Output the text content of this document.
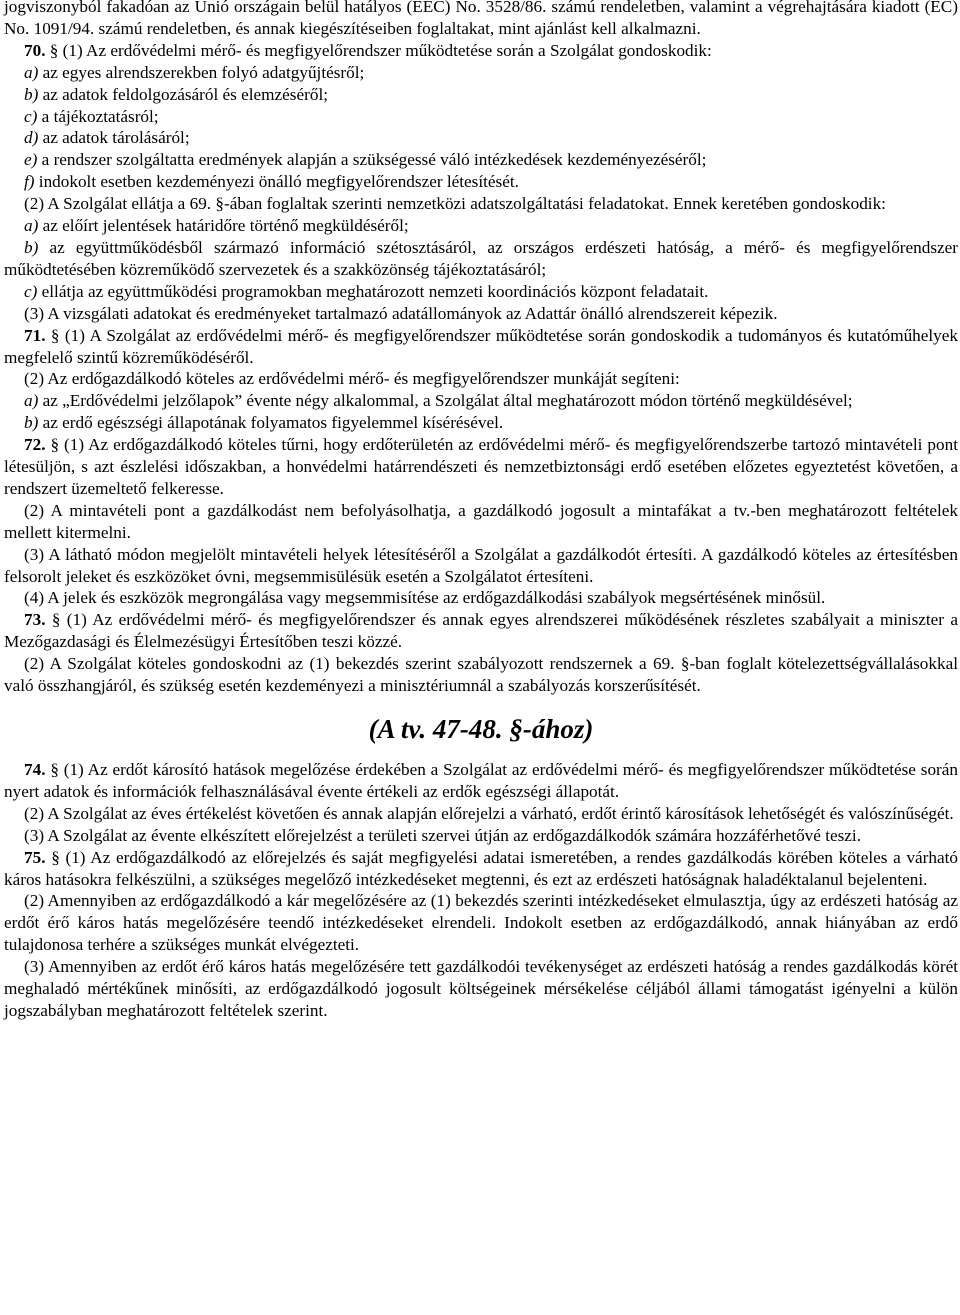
jogviszonyból fakadóan az Unió országain belül hatályos (EEC) No. 3528/86. számú rendeletben, valamint a végrehajtására kiadott (EC) No. 1091/94. számú rendeletben, és annak kiegészítéseiben foglaltakat, mint ajánlást kell alkalmazni.

70. § (1) Az erdővédelmi mérő- és megfigyelőrendszer működtetése során a Szolgálat gondoskodik:

a) az egyes alrendszerekben folyó adatgyűjtésről;

b) az adatok feldolgozásáról és elemzéséről;

c) a tájékoztatásról;

d) az adatok tárolásáról;

e) a rendszer szolgáltatta eredmények alapján a szükségessé váló intézkedések kezdeményezéséről;

f) indokolt esetben kezdeményezi önálló megfigyelőrendszer létesítését.

(2) A Szolgálat ellátja a 69. §-ában foglaltak szerinti nemzetközi adatszolgáltatási feladatokat. Ennek keretében gondoskodik:

a) az előírt jelentések határidőre történő megküldéséről;

b) az együttműködésből származó információ szétosztásáról, az országos erdészeti hatóság, a mérő- és megfigyelőrendszer működtetésében közreműködő szervezetek és a szakközönség tájékoztatásáról;

c) ellátja az együttműködési programokban meghatározott nemzeti koordinációs központ feladatait.

(3) A vizsgálati adatokat és eredményeket tartalmazó adatállományok az Adattár önálló alrendszereit képezik.

71. § (1) A Szolgálat az erdővédelmi mérő- és megfigyelőrendszer működtetése során gondoskodik a tudományos és kutatóműhelyek megfelelő szintű közreműködéséről.

(2) Az erdőgazdálkodó köteles az erdővédelmi mérő- és megfigyelőrendszer munkáját segíteni:

a) az „Erdővédelmi jelzőlapok” évente négy alkalommal, a Szolgálat által meghatározott módon történő megküldésével;

b) az erdő egészségi állapotának folyamatos figyelemmel kísérésével.

72. § (1) Az erdőgazdálkodó köteles tűrni, hogy erdőterületén az erdővédelmi mérő- és megfigyelőrendszerbe tartozó mintavételi pont létesüljön, s azt észlelési időszakban, a honvédelmi határrendészeti és nemzetbiztonsági erdő esetében előzetes egyeztetést követően, a rendszert üzemeltető felkeresse.

(2) A mintavételi pont a gazdálkodást nem befolyásolhatja, a gazdálkodó jogosult a mintafákat a tv.-ben meghatározott feltételek mellett kitermelni.

(3) A látható módon megjelölt mintavételi helyek létesítéséről a Szolgálat a gazdálkodót értesíti. A gazdálkodó köteles az értesítésben felsorolt jeleket és eszközöket óvni, megsemmisülésük esetén a Szolgálatot értesíteni.

(4) A jelek és eszközök megrongálása vagy megsemmisítése az erdőgazdálkodási szabályok megsértésének minősül.

73. § (1) Az erdővédelmi mérő- és megfigyelőrendszer és annak egyes alrendszerei működésének részletes szabályait a miniszter a Mezőgazdasági és Élelmezésügyi Értesítőben teszi közzé.

(2) A Szolgálat köteles gondoskodni az (1) bekezdés szerint szabályozott rendszernek a 69. §-ban foglalt kötelezettségvállalásokkal való összhangjáról, és szükség esetén kezdeményezi a minisztériumnál a szabályozás korszerűsítését.

(A tv. 47-48. §-ához)

74. § (1) Az erdőt károsító hatások megelőzése érdekében a Szolgálat az erdővédelmi mérő- és megfigyelőrendszer működtetése során nyert adatok és információk felhasználásával évente értékeli az erdők egészségi állapotát.

(2) A Szolgálat az éves értékelést követően és annak alapján előrejelzi a várható, erdőt érintő károsítások lehetőségét és valószínűségét.

(3) A Szolgálat az évente elkészített előrejelzést a területi szervei útján az erdőgazdálkodók számára hozzáférhetővé teszi.

75. § (1) Az erdőgazdálkodó az előrejelzés és saját megfigyelési adatai ismeretében, a rendes gazdálkodás körében köteles a várható káros hatásokra felkészülni, a szükséges megelőző intézkedéseket megtenni, és ezt az erdészeti hatóságnak haladéktalanul bejelenteni.

(2) Amennyiben az erdőgazdálkodó a kár megelőzésére az (1) bekezdés szerinti intézkedéseket elmulasztja, úgy az erdészeti hatóság az erdőt érő káros hatás megelőzésére teendő intézkedéseket elrendeli. Indokolt esetben az erdőgazdálkodó, annak hiányában az erdő tulajdonosa terhére a szükséges munkát elvégezteti.

(3) Amennyiben az erdőt érő káros hatás megelőzésére tett gazdálkodói tevékenységet az erdészeti hatóság a rendes gazdálkodás körét meghaladó mértékűnek minősíti, az erdőgazdálkodó jogosult költségeinek mérsékelése céljából állami támogatást igényelni a külön jogszabályban meghatározott feltételek szerint.
